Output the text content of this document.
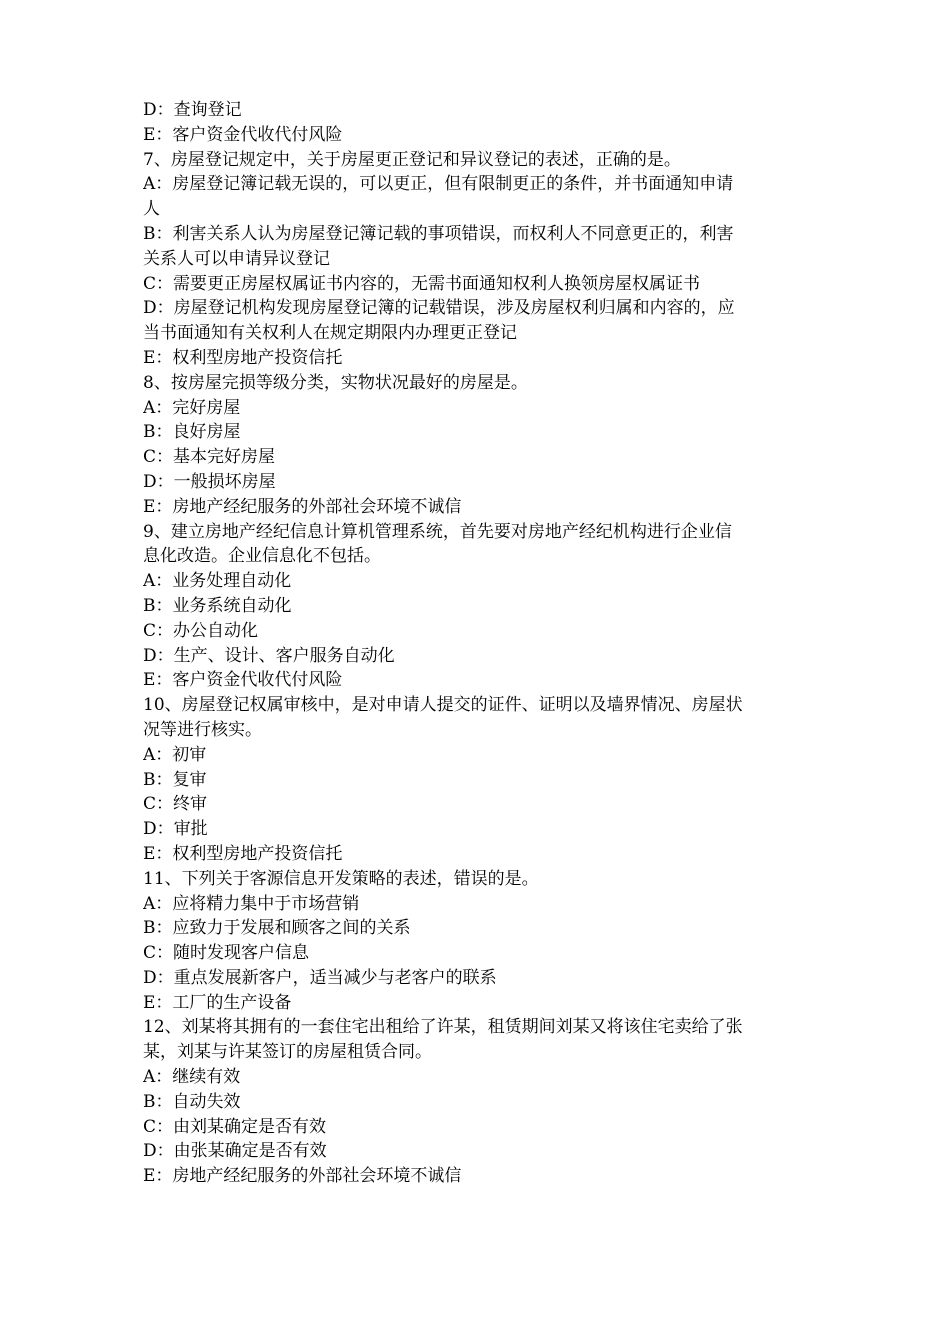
D：查询登记
E：客户资金代收代付风险
7、房屋登记规定中，关于房屋更正登记和异议登记的表述，正确的是。
A：房屋登记簿记载无误的，可以更正，但有限制更正的条件，并书面通知申请
人
B：利害关系人认为房屋登记簿记载的事项错误，而权利人不同意更正的，利害
关系人可以申请异议登记
C：需要更正房屋权属证书内容的，无需书面通知权利人换领房屋权属证书
D：房屋登记机构发现房屋登记簿的记载错误，涉及房屋权利归属和内容的，应
当书面通知有关权利人在规定期限内办理更正登记
E：权利型房地产投资信托
8、按房屋完损等级分类，实物状况最好的房屋是。
A：完好房屋
B：良好房屋
C：基本完好房屋
D：一般损坏房屋
E：房地产经纪服务的外部社会环境不诚信
9、建立房地产经纪信息计算机管理系统，首先要对房地产经纪机构进行企业信
息化改造。企业信息化不包括。
A：业务处理自动化
B：业务系统自动化
C：办公自动化
D：生产、设计、客户服务自动化
E：客户资金代收代付风险
10、房屋登记权属审核中，是对申请人提交的证件、证明以及墙界情况、房屋状
况等进行核实。
A：初审
B：复审
C：终审
D：审批
E：权利型房地产投资信托
11、下列关于客源信息开发策略的表述，错误的是。
A：应将精力集中于市场营销
B：应致力于发展和顾客之间的关系
C：随时发现客户信息
D：重点发展新客户，适当减少与老客户的联系
E：工厂的生产设备
12、刘某将其拥有的一套住宅出租给了许某，租赁期间刘某又将该住宅卖给了张
某，刘某与许某签订的房屋租赁合同。
A：继续有效
B：自动失效
C：由刘某确定是否有效
D：由张某确定是否有效
E：房地产经纪服务的外部社会环境不诚信
